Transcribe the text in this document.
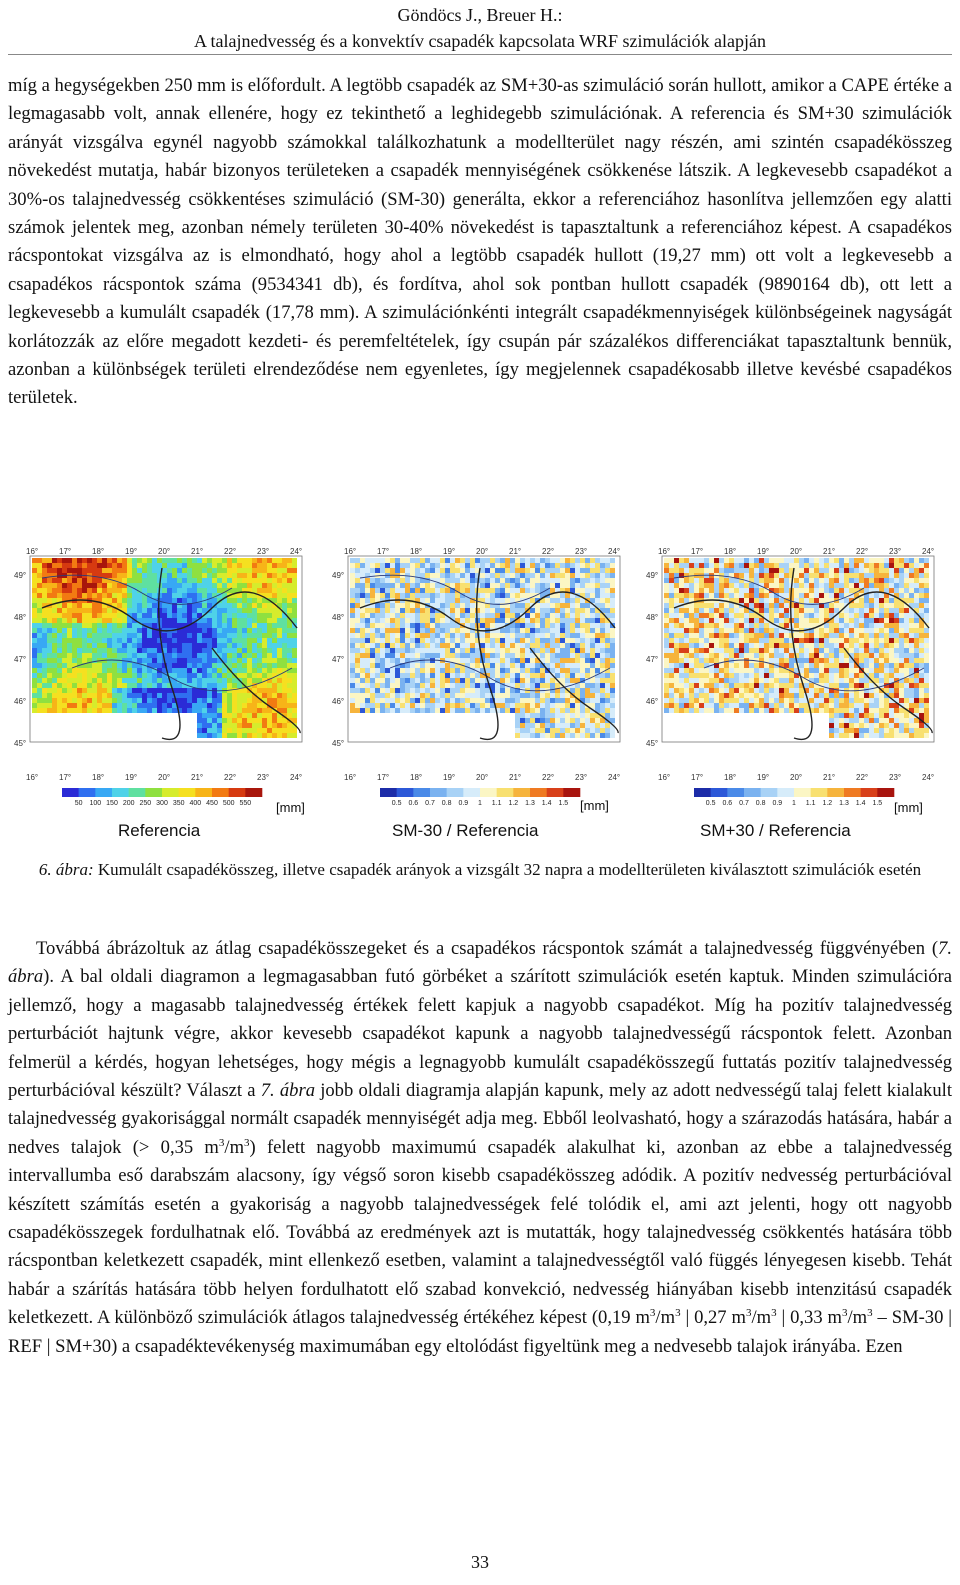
Göndöcs J., Breuer H.:
A talajnedvesség és a konvektív csapadék kapcsolata WRF szimulációk alapján
míg a hegységekben 250 mm is előfordult. A legtöbb csapadék az SM+30-as szimuláció során hullott, amikor a CAPE értéke a legmagasabb volt, annak ellenére, hogy ez tekinthető a leghidegebb szimulációnak. A referencia és SM+30 szimulációk arányát vizsgálva egynél nagyobb számokkal találkozhatunk a modellterület nagy részén, ami szintén csapadékösszeg növekedést mutatja, habár bizonyos területeken a csapadék mennyiségének csökkenése látszik. A legkevesebb csapadékot a 30%-os talajnedvesség csökkentéses szimuláció (SM-30) generálta, ekkor a referenciához hasonlítva jellemzően egy alatti számok jelentek meg, azonban némely területen 30-40% növekedést is tapasztaltunk a referenciához képest. A csapadékos rácspontokat vizsgálva az is elmondható, hogy ahol a legtöbb csapadék hullott (19,27 mm) ott volt a legkevesebb a csapadékos rácspontok száma (9534341 db), és fordítva, ahol sok pontban hullott csapadék (9890164 db), ott lett a legkevesebb a kumulált csapadék (17,78 mm). A szimulációnkénti integrált csapadékmennyiségek különbségeinek nagyságát korlátozzák az előre megadott kezdeti- és peremfeltételek, így csupán pár százalékos differenciákat tapasztaltunk bennük, azonban a különbségek területi elrendeződése nem egyenletes, így megjelennek csapadékosabb illetve kevésbé csapadékos területek.
49°
48°
47°
46°
45°
16°
16°
17°
17°
18°
18°
19°
19°
20°
20°
21°
21°
22°
22°
23°
23°
24°
24°
50 100 150 200 250 300 350 400 450 500 550
49°
48°
47°
46°
45°
16°
16°
17°
17°
18°
18°
19°
19°
20°
20°
21°
21°
22°
22°
23°
23°
24°
24°
0.5 0.6 0.7 0.8 0.9 1 1.1 1.2 1.3 1.4 1.5
49°
48°
47°
46°
45°
16°
16°
17°
17°
18°
18°
19°
19°
20°
20°
21°
21°
22°
22°
23°
23°
24°
24°
0.5 0.6 0.7 0.8 0.9 1 1.1 1.2 1.3 1.4 1.5
[mm]	[mm]	[mm]
Referencia	SM-30 / Referencia	SM+30 / Referencia
6. ábra: Kumulált csapadékösszeg, illetve csapadék arányok a vizsgált 32 napra a modellterületen kiválasztott szimulációk esetén
Továbbá ábrázoltuk az átlag csapadékösszegeket és a csapadékos rácspontok számát a talajnedvesség függvényében (7. ábra). A bal oldali diagramon a legmagasabban futó görbéket a szárított szimulációk esetén kaptuk. Minden szimulációra jellemző, hogy a magasabb talajnedvesség értékek felett kapjuk a nagyobb csapadékot. Míg ha pozitív talajnedvesség perturbációt hajtunk végre, akkor kevesebb csapadékot kapunk a nagyobb talajnedvességű rácspontok felett. Azonban felmerül a kérdés, hogyan lehetséges, hogy mégis a legnagyobb kumulált csapadékösszegű futtatás pozitív talajnedvesség perturbációval készült? Választ a 7. ábra jobb oldali diagramja alapján kapunk, mely az adott nedvességű talaj felett kialakult talajnedvesség gyakorisággal normált csapadék mennyiségét adja meg. Ebből leolvasható, hogy a szárazodás hatására, habár a nedves talajok (> 0,35 $m^3/m^3$) felett nagyobb maximumú csapadék alakulhat ki, azonban az ebbe a talajnedvesség intervallumba eső darabszám alacsony, így végső soron kisebb csapadékösszeg adódik. A pozitív nedvesség perturbációval készített számítás esetén a gyakoriság a nagyobb talajnedvességek felé tolódik el, ami azt jelenti, hogy ott nagyobb csapadékösszegek fordulhatnak elő. Továbbá az eredmények azt is mutatták, hogy talajnedvesség csökkentés hatására több rácspontban keletkezett csapadék, mint ellenkező esetben, valamint a talajnedvességtől való függés lényegesen kisebb. Tehát habár a szárítás hatására több helyen fordulhatott elő szabad konvekció, nedvesség hiányában kisebb intenzitású csapadék keletkezett. A különböző szimulációk átlagos talajnedvesség értékéhez képest (0,19 $m^3/m^3$ | 0,27 $m^3/m^3$ | 0,33 $m^3/m^3 - SM-30$ | REF | SM+30) a csapadéktevékenység maximumában egy eltolódást figyeltünk meg a nedvesebb talajok irányába. Ezen
33
